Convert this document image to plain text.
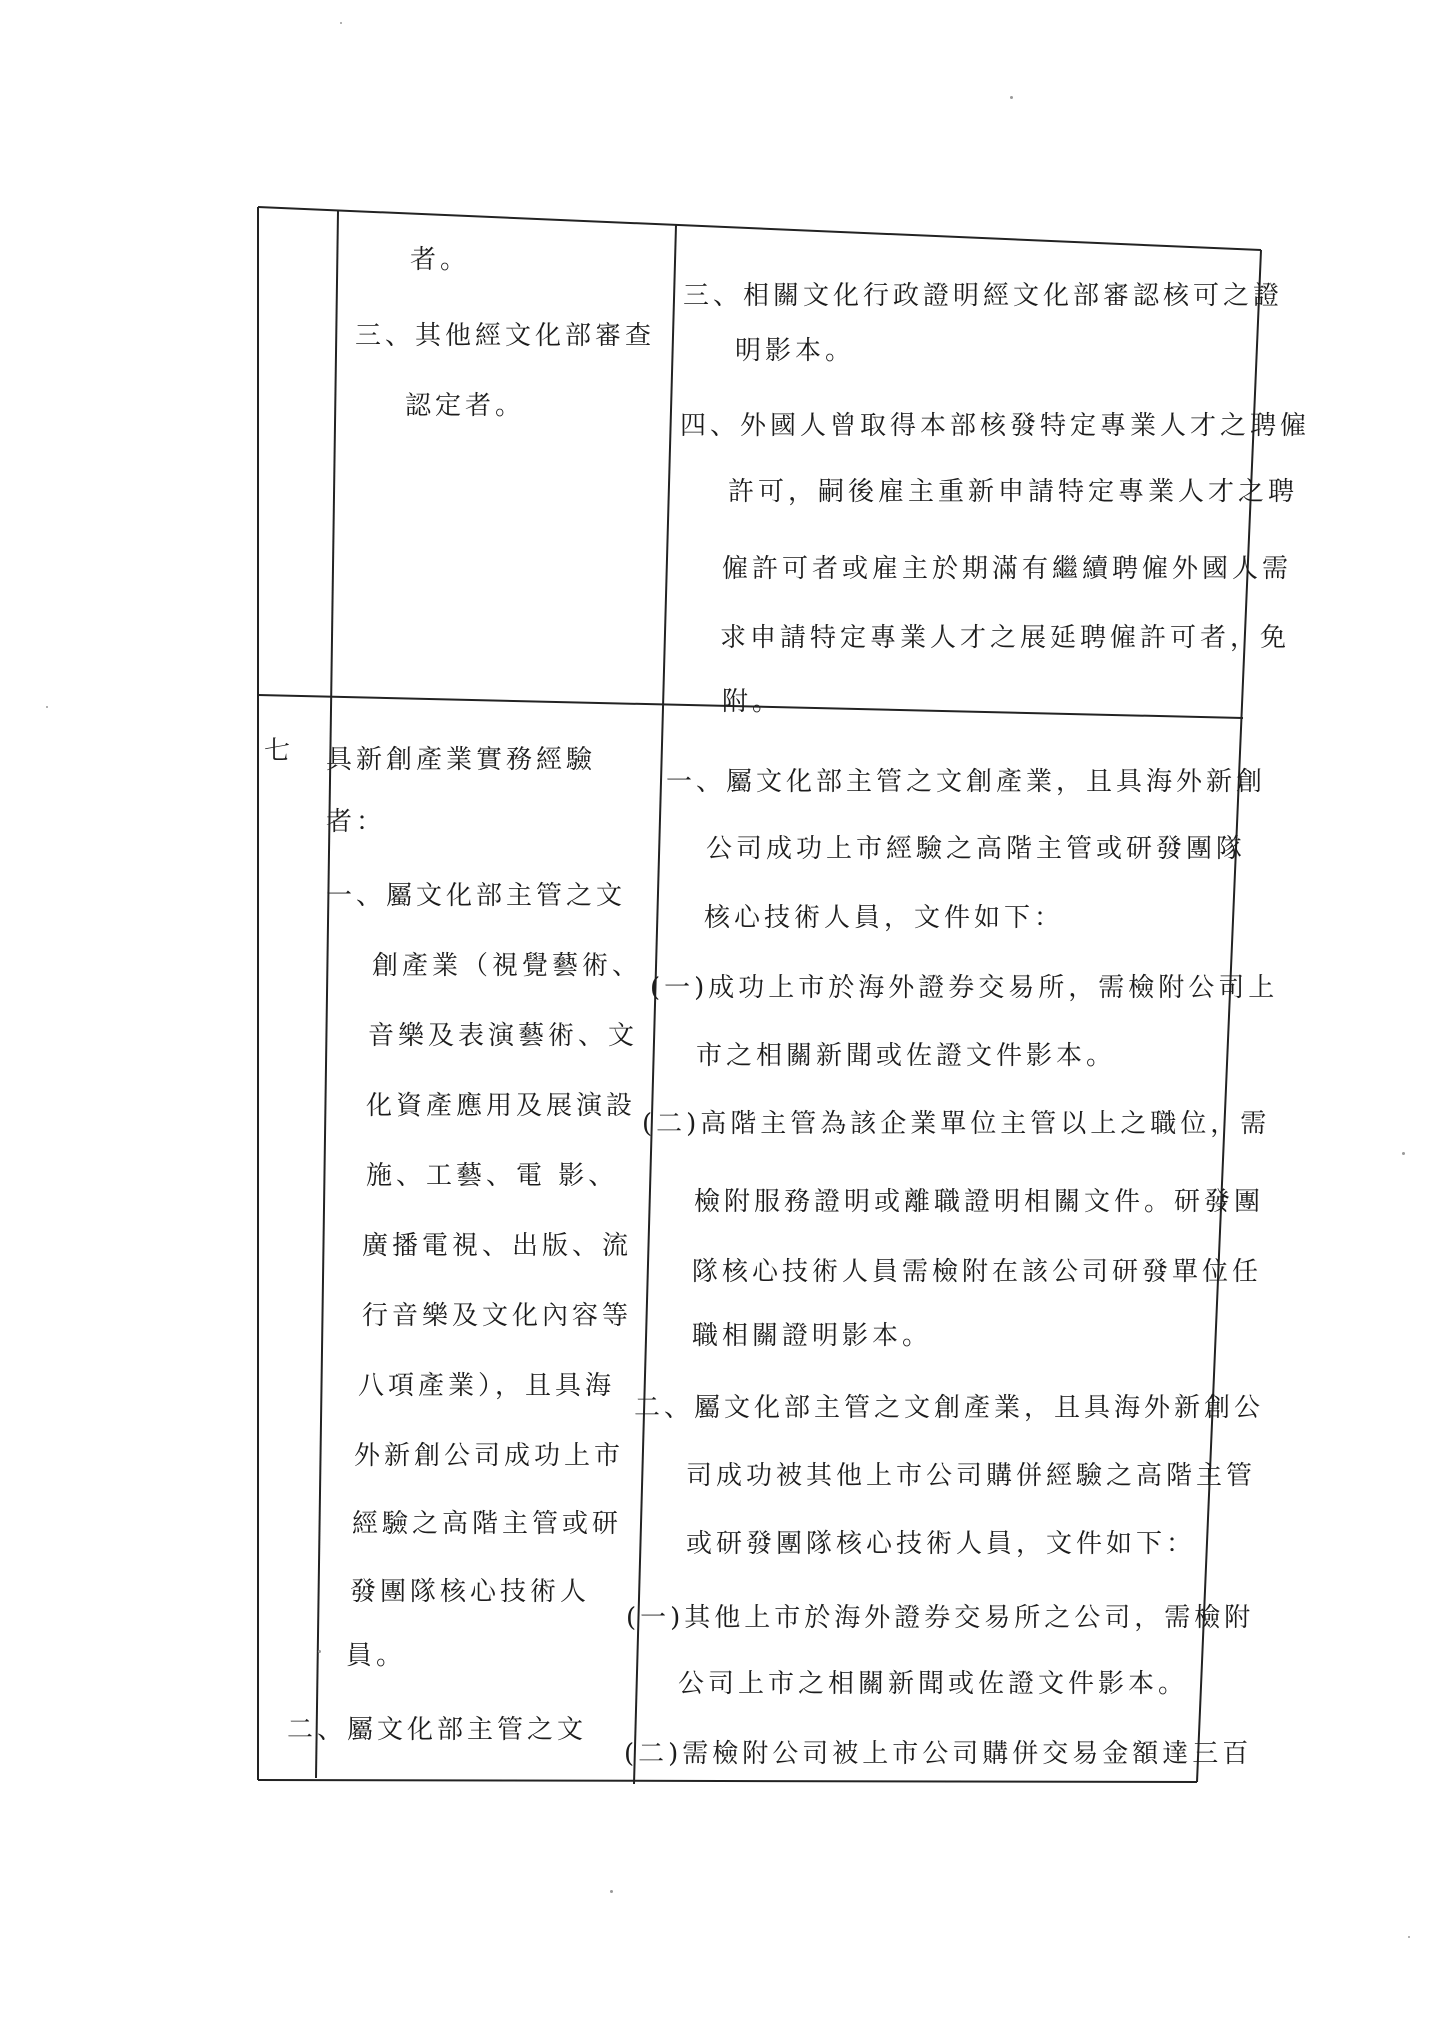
者。
三、其他經文化部審查
認定者。
三、相關文化行政證明經文化部審認核可之證
明影本。
四、外國人曾取得本部核發特定專業人才之聘僱
許可，嗣後雇主重新申請特定專業人才之聘
僱許可者或雇主於期滿有繼續聘僱外國人需
求申請特定專業人才之展延聘僱許可者，免
附。
七 具新創產業實務經驗
者：
一、屬文化部主管之文
創產業（視覺藝術、
音樂及表演藝術、文
化資產應用及展演設
施、工藝、電 影、
廣播電視、出版、流
行音樂及文化內容等
八項產業），且具海
外新創公司成功上市
經驗之高階主管或研
發團隊核心技術人
員。
二、屬文化部主管之文
一、屬文化部主管之文創產業，且具海外新創
公司成功上市經驗之高階主管或研發團隊
核心技術人員，文件如下：
(一)成功上市於海外證券交易所，需檢附公司上
市之相關新聞或佐證文件影本。
(二)高階主管為該企業單位主管以上之職位，需
檢附服務證明或離職證明相關文件。研發團
隊核心技術人員需檢附在該公司研發單位任
職相關證明影本。
二、屬文化部主管之文創產業，且具海外新創公
司成功被其他上市公司購併經驗之高階主管
或研發團隊核心技術人員，文件如下：
(一)其他上市於海外證券交易所之公司，需檢附
公司上市之相關新聞或佐證文件影本。
(二)需檢附公司被上市公司購併交易金額達三百
